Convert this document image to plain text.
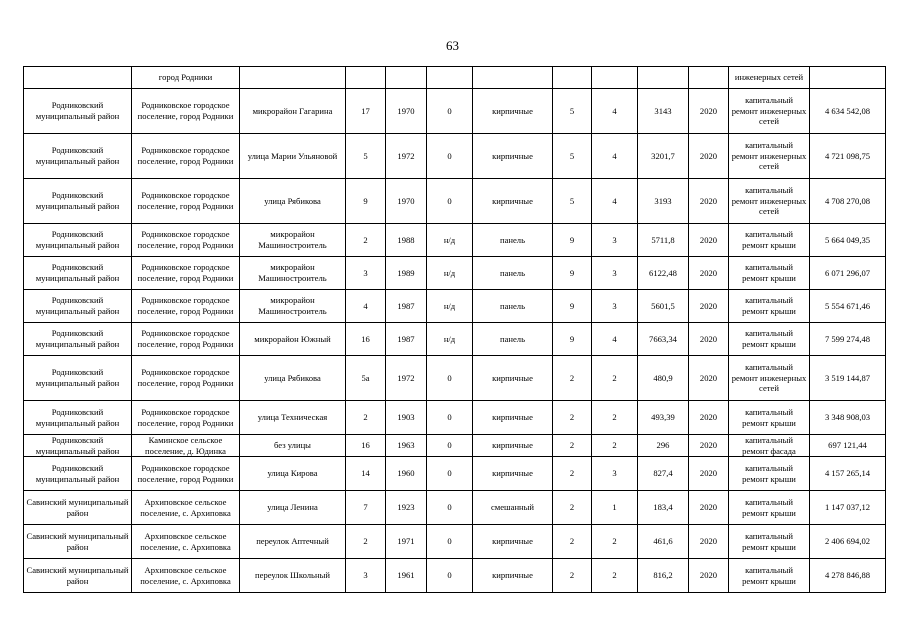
63
	город Родники										инженерных сетей	
Родниковский муниципальный район	Родниковское городское поселение, город Родники	микрорайон Гагарина	17	1970	0	кирпичные	5	4	3143	2020	капитальный ремонт инженерных сетей	4 634 542,08
Родниковский муниципальный район	Родниковское городское поселение, город Родники	улица Марии Ульяновой	5	1972	0	кирпичные	5	4	3201,7	2020	капитальный ремонт инженерных сетей	4 721 098,75
Родниковский муниципальный район	Родниковское городское поселение, город Родники	улица Рябикова	9	1970	0	кирпичные	5	4	3193	2020	капитальный ремонт инженерных сетей	4 708 270,08
Родниковский муниципальный район	Родниковское городское поселение, город Родники	микрорайон Машиностроитель	2	1988	н/д	панель	9	3	5711,8	2020	капитальный ремонт крыши	5 664 049,35
Родниковский муниципальный район	Родниковское городское поселение, город Родники	микрорайон Машиностроитель	3	1989	н/д	панель	9	3	6122,48	2020	капитальный ремонт крыши	6 071 296,07
Родниковский муниципальный район	Родниковское городское поселение, город Родники	микрорайон Машиностроитель	4	1987	н/д	панель	9	3	5601,5	2020	капитальный ремонт крыши	5 554 671,46
Родниковский муниципальный район	Родниковское городское поселение, город Родники	микрорайон Южный	16	1987	н/д	панель	9	4	7663,34	2020	капитальный ремонт крыши	7 599 274,48
Родниковский муниципальный район	Родниковское городское поселение, город Родники	улица Рябикова	5а	1972	0	кирпичные	2	2	480,9	2020	капитальный ремонт инженерных сетей	3 519 144,87
Родниковский муниципальный район	Родниковское городское поселение, город Родники	улица Техническая	2	1903	0	кирпичные	2	2	493,39	2020	капитальный ремонт крыши	3 348 908,03
Родниковский муниципальный район	Каминское сельское поселение, д. Юдинка	без улицы	16	1963	0	кирпичные	2	2	296	2020	капитальный ремонт фасада	697 121,44
Родниковский муниципальный район	Родниковское городское поселение, город Родники	улица Кирова	14	1960	0	кирпичные	2	3	827,4	2020	капитальный ремонт крыши	4 157 265,14
Савинский муниципальный район	Архиповское сельское поселение, с. Архиповка	улица Ленина	7	1923	0	смешанный	2	1	183,4	2020	капитальный ремонт крыши	1 147 037,12
Савинский муниципальный район	Архиповское сельское поселение, с. Архиповка	переулок Аптечный	2	1971	0	кирпичные	2	2	461,6	2020	капитальный ремонт крыши	2 406 694,02
Савинский муниципальный район	Архиповское сельское поселение, с. Архиповка	переулок Школьный	3	1961	0	кирпичные	2	2	816,2	2020	капитальный ремонт крыши	4 278 846,88
